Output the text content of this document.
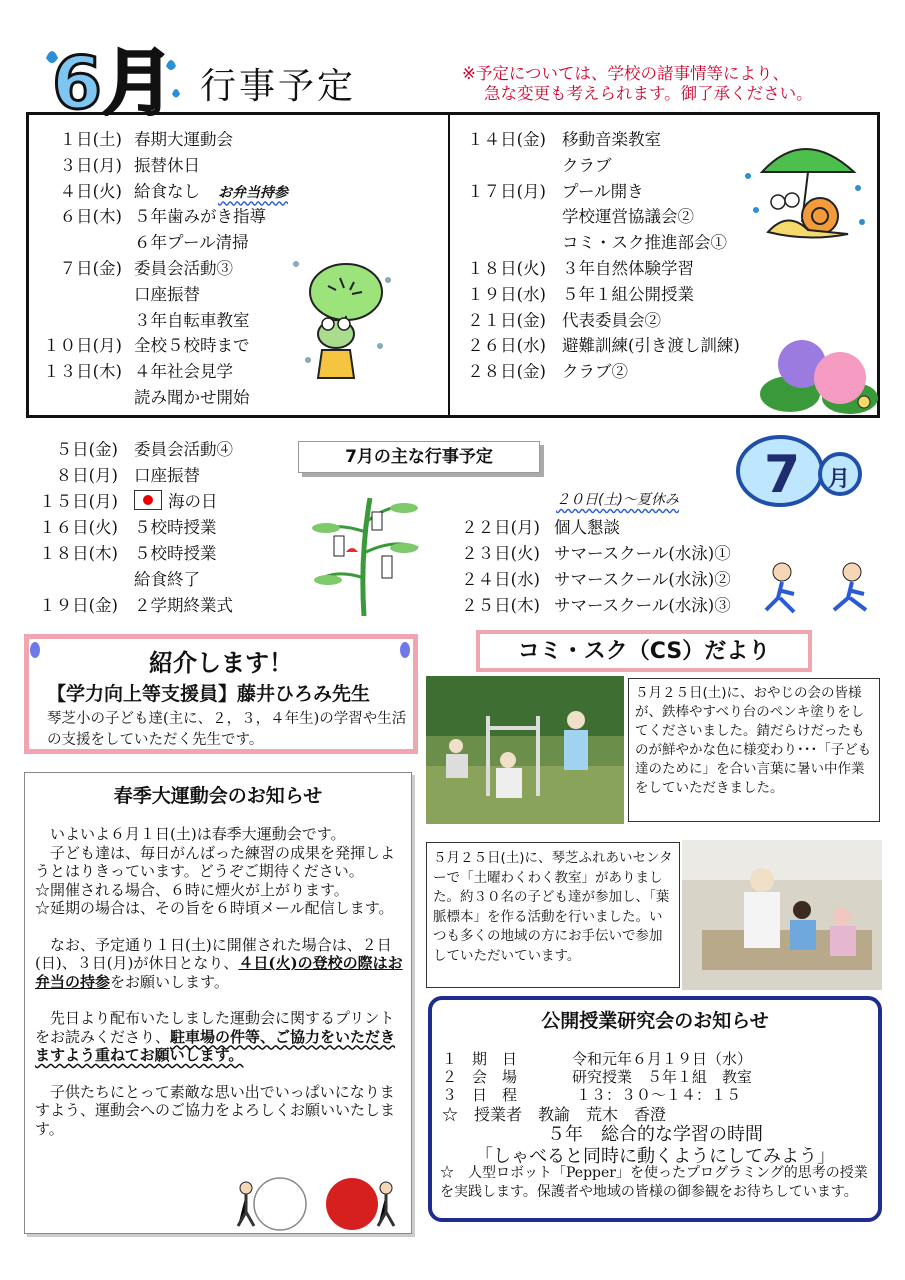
6月 行事予定	※予定については、学校の諸事情等により、
急な変更も考えられます。御了承ください。
１日(土) 春期大運動会
３日(月) 振替休日
４日(火) 給食なし お弁当持参
６日(木) ５年歯みがき指導
６年プール清掃
７日(金) 委員会活動③
口座振替
３年自転車教室
１０日(月) 全校５校時まで
１３日(木) ４年社会見学
読み聞かせ開始
１４日(金) 移動音楽教室
クラブ
１７日(月) プール開き
学校運営協議会②
コミ・スク推進部会①
１８日(火) ３年自然体験学習
１９日(水) ５年１組公開授業
２１日(金) 代表委員会②
２６日(水) 避難訓練(引き渡し訓練)
２８日(金) クラブ②
５日(金) 委員会活動④
８日(月) 口座振替
１５日(月)	海の日
１６日(火) ５校時授業
１８日(木) ５校時授業
給食終了
１９日(金) ２学期終業式
7月の主な行事予定	7 月
２０日(土)～夏休み
２２日(月) 個人懇談
２３日(火) サマースクール(水泳)①
２４日(水) サマースクール(水泳)②
２５日(木) サマースクール(水泳)③
紹介します！
【学力向上等支援員】藤井ひろみ先生
琴芝小の子ども達(主に、２，３，４年生)の学習や生活の支援をしていただく先生です。
コミ・スク（CS）だより
５月２５日(土)に、おやじの会の皆様が、鉄棒やすべり台のペンキ塗りをしてくださいました。錆だらけだったものが鮮やかな色に様変わり･･･「子ども達のために」を合い言葉に暑い中作業をしていただきました。
５月２５日(土)に、琴芝ふれあいセンターで「土曜わくわく教室」がありました。約３０名の子ども達が参加し、「葉脈標本」を作る活動を行いました。いつも多くの地域の方にお手伝いで参加していただいています。
春季大運動会のお知らせ

いよいよ６月１日(土)は春季大運動会です。

子ども達は、毎日がんばった練習の成果を発揮しようとはりきっています。どうぞご期待ください。

☆開催される場合、６時に煙火が上がります。

☆延期の場合は、その旨を６時頃メール配信します。

なお、予定通り１日(土)に開催された場合は、２日(日)、３日(月)が休日となり、４日(火)の登校の際はお弁当の持参をお願いします。

先日より配布いたしました運動会に関するプリントをお読みくださり、駐車場の件等、ご協力をいただきますよう重ねてお願いします。

子供たちにとって素敵な思い出でいっぱいになりますよう、運動会へのご協力をよろしくお願いいたします。

公開授業研究会のお知らせ
１　期　日	令和元年６月１９日（水）
２　会　場	研究授業　５年１組　教室
３　日　程	１３：３０～１４：１５
☆　授業者　教諭　荒木　香澄
５年　総合的な学習の時間
「しゃべると同時に動くようにしてみよう」
☆　人型ロボット「Pepper」を使ったプログラミング的思考の授業を実践します。保護者や地域の皆様の御参観をお待ちしています。
